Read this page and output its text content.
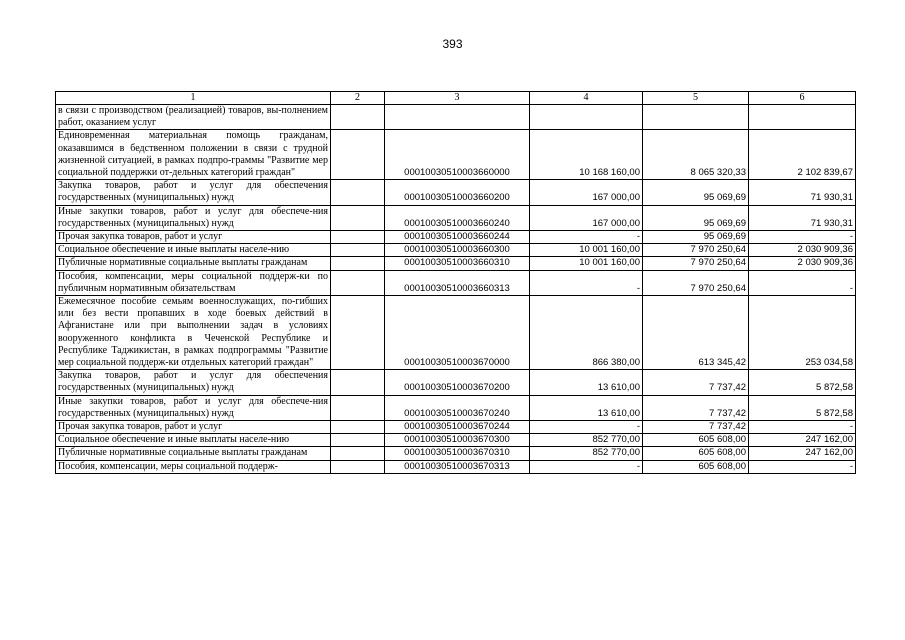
393
1	2	3	4	5	6
в связи с производством (реализацией) товаров, вы-полнением работ, оказанием услуг					
Единовременная материальная помощь гражданам, оказавшимся в бедственном положении в связи с трудной жизненной ситуацией, в рамках подпро-граммы "Развитие мер социальной поддержки от-дельных категорий граждан"		00010030510003660000	10 168 160,00	8 065 320,33	2 102 839,67
Закупка товаров, работ и услуг для обеспечения государственных (муниципальных) нужд		00010030510003660200	167 000,00	95 069,69	71 930,31
Иные закупки товаров, работ и услуг для обеспече-ния государственных (муниципальных) нужд		00010030510003660240	167 000,00	95 069,69	71 930,31
Прочая закупка товаров, работ и услуг		00010030510003660244	-	95 069,69	-
Социальное обеспечение и иные выплаты населе-нию		00010030510003660300	10 001 160,00	7 970 250,64	2 030 909,36
Публичные нормативные социальные выплаты гражданам		00010030510003660310	10 001 160,00	7 970 250,64	2 030 909,36
Пособия, компенсации, меры социальной поддерж-ки по публичным нормативным обязательствам		00010030510003660313	-	7 970 250,64	-
Ежемесячное пособие семьям военнослужащих, по-гибших или без вести пропавших в ходе боевых действий в Афганистане или при выполнении задач в условиях вооруженного конфликта в Чеченской Республике и Республике Таджикистан, в рамках подпрограммы "Развитие мер социальной поддерж-ки отдельных категорий граждан"		00010030510003670000	866 380,00	613 345,42	253 034,58
Закупка товаров, работ и услуг для обеспечения государственных (муниципальных) нужд		00010030510003670200	13 610,00	7 737,42	5 872,58
Иные закупки товаров, работ и услуг для обеспече-ния государственных (муниципальных) нужд		00010030510003670240	13 610,00	7 737,42	5 872,58
Прочая закупка товаров, работ и услуг		00010030510003670244	-	7 737,42	-
Социальное обеспечение и иные выплаты населе-нию		00010030510003670300	852 770,00	605 608,00	247 162,00
Публичные нормативные социальные выплаты гражданам		00010030510003670310	852 770,00	605 608,00	247 162,00
Пособия, компенсации, меры социальной поддерж-		00010030510003670313	-	605 608,00	-
